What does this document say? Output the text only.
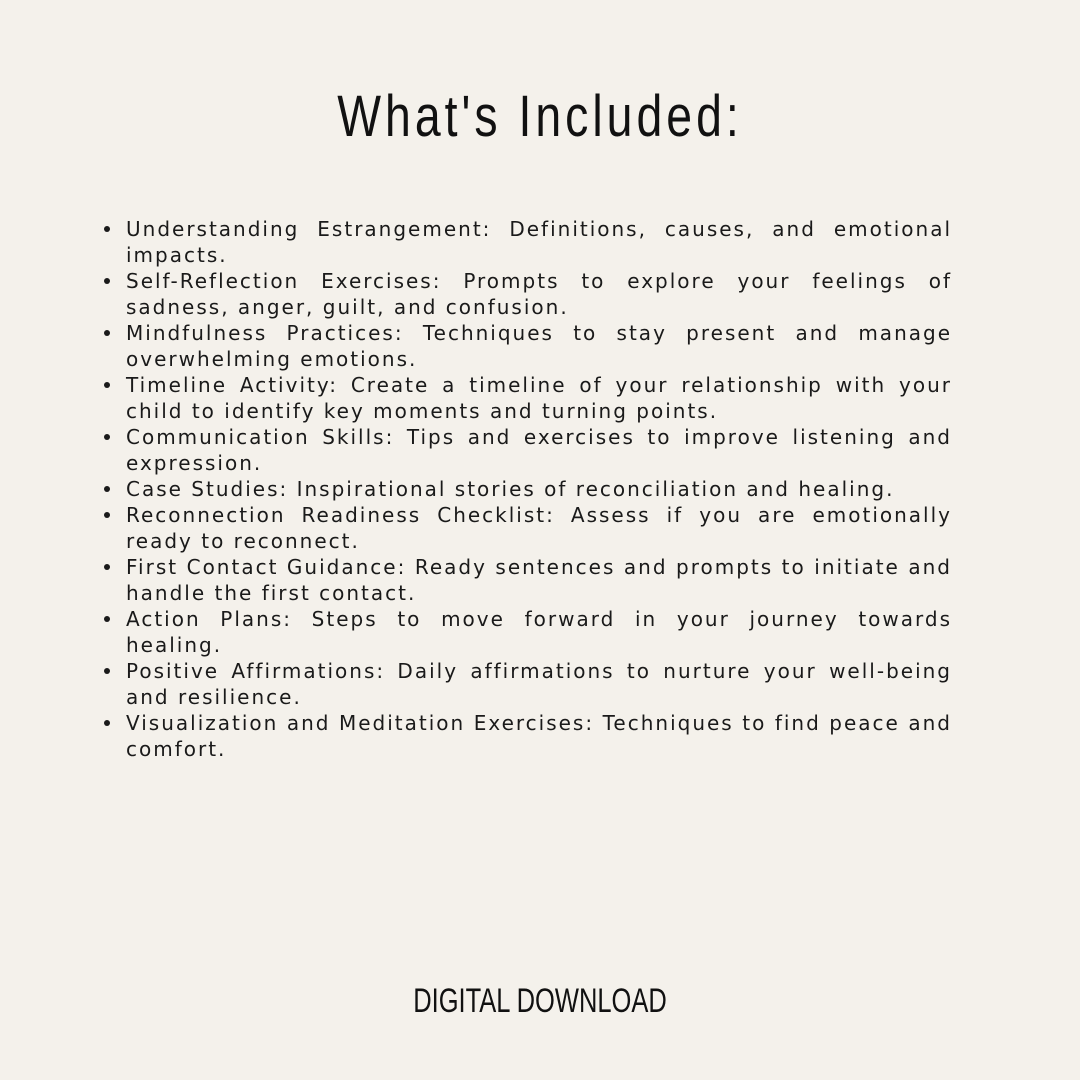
What's Included:
Understanding Estrangement: Definitions, causes, and emotional impacts.
Self-Reflection Exercises: Prompts to explore your feelings of sadness, anger, guilt, and confusion.
Mindfulness Practices: Techniques to stay present and manage overwhelming emotions.
Timeline Activity: Create a timeline of your relationship with your child to identify key moments and turning points.
Communication Skills: Tips and exercises to improve listening and expression.
Case Studies: Inspirational stories of reconciliation and healing.
Reconnection Readiness Checklist: Assess if you are emotionally ready to reconnect.
First Contact Guidance: Ready sentences and prompts to initiate and handle the first contact.
Action Plans: Steps to move forward in your journey towards healing.
Positive Affirmations: Daily affirmations to nurture your well-being and resilience.
Visualization and Meditation Exercises: Techniques to find peace and comfort.
DIGITAL DOWNLOAD
